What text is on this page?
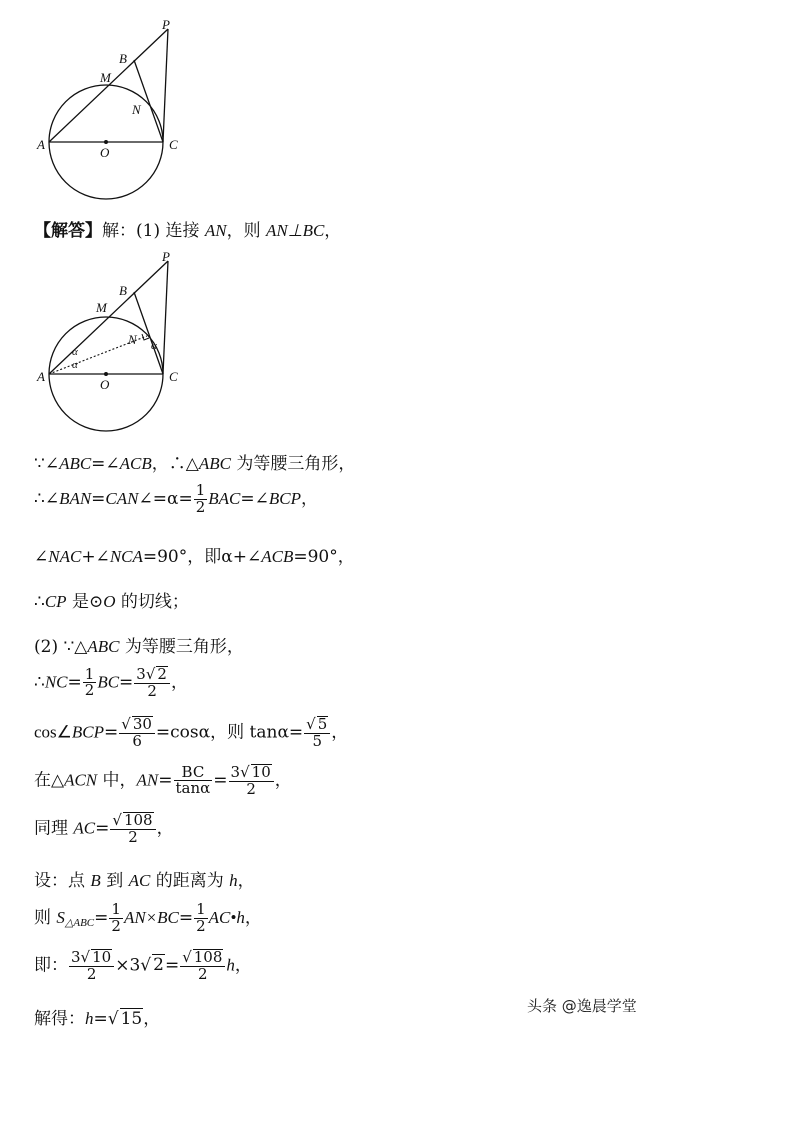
P
B
M
N
A
O
C
【解答】解：(1) 连接 AN，则 AN⊥BC，
P
B
M
N
α
α
α
A
O
C
∵∠ABC=∠ACB，∴△ABC 为等腰三角形，
∴∠BAN=CAN∠=α= $\frac{1}{2}$ BAC=∠BCP，
∠NAC+∠NCA=90°，即α+∠ACB=90°，
∴CP 是⊙O 的切线；
(2) ∵△ABC 为等腰三角形，
∴NC= $\frac{1}{2} BC= \frac{3√ 2}{2}$ ，
cos∠BCP= $\frac{√ 30}{6} =\cos\alpha$，则 $\tan\alpha= \frac{√ 5}{5}$ ，
在△ACN 中，$AN= \frac{BC}{\tan\alpha} = \frac{3√ 10}{2}$ ，
同理 $AC= \frac{√ 108}{2}$ ，
设：点 B 到 AC 的距离为 h，
则 $S_{\triangle ABC}= \frac{1}{2} AN\times BC= \frac{1}{2}$ AC•h，
即： $\frac{3√ 10}{2} \times 3√$ $2= \frac{√ 108}{2}$ h，
解得：h=√ 15，
头条 @逸晨学堂
